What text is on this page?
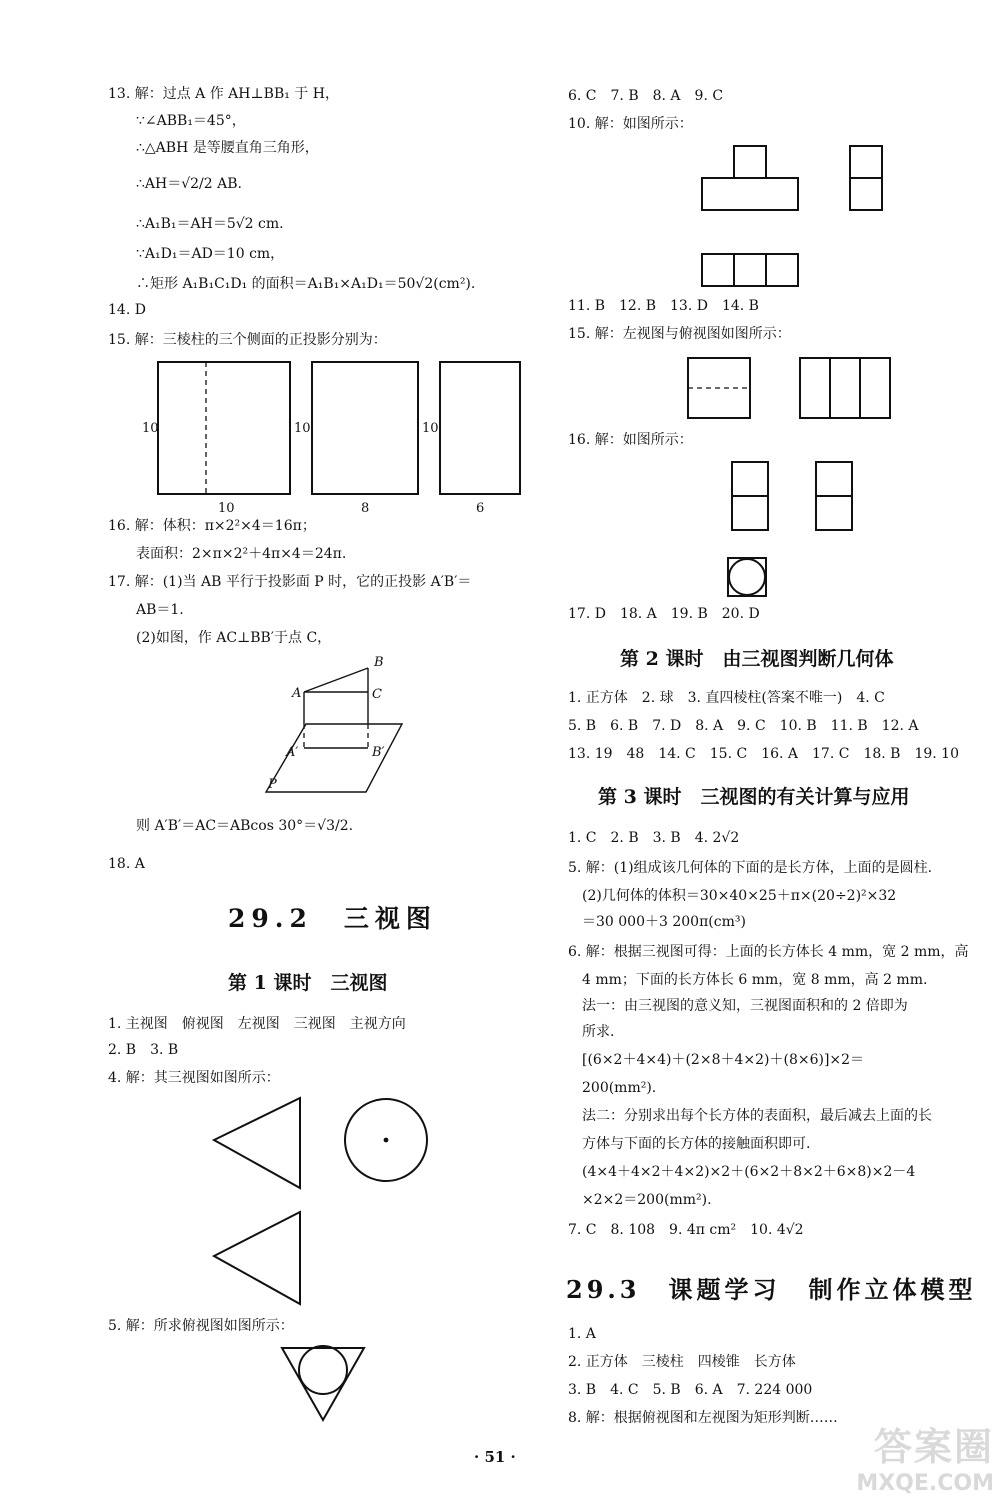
13. 解：过点 A 作 AH⊥BB₁ 于 H，
∵∠ABB₁＝45°，
∴△ABH 是等腰直角三角形，
∴AH＝√2/2 AB.
∴A₁B₁＝AH＝5√2 cm.
∵A₁D₁＝AD＝10 cm，
∴矩形 A₁B₁C₁D₁ 的面积＝A₁B₁×A₁D₁＝50√2(cm²).
14. D
15. 解：三棱柱的三个侧面的正投影分别为：
16. 解：体积：π×2²×4＝16π；
表面积：2×π×2²＋4π×4＝24π.
17. 解：(1)当 AB 平行于投影面 P 时，它的正投影 A′B′＝
AB＝1.
(2)如图，作 AC⊥BB′于点 C，
则 A′B′＝AC＝ABcos 30°＝√3/2.
18. A
29.2　三视图
第 1 课时　三视图
1. 主视图　俯视图　左视图　三视图　主视方向
2. B　3. B
4. 解：其三视图如图所示：
5. 解：所求俯视图如图所示：
6. C　7. B　8. A　9. C
10. 解：如图所示：
11. B　12. B　13. D　14. B
15. 解：左视图与俯视图如图所示：
16. 解：如图所示：
17. D　18. A　19. B　20. D
第 2 课时　由三视图判断几何体
1. 正方体　2. 球　3. 直四棱柱(答案不唯一)　4. C
5. B　6. B　7. D　8. A　9. C　10. B　11. B　12. A
13. 19　48　14. C　15. C　16. A　17. C　18. B　19. 10
第 3 课时　三视图的有关计算与应用
1. C　2. B　3. B　4. 2√2
5. 解：(1)组成该几何体的下面的是长方体，上面的是圆柱.
(2)几何体的体积＝30×40×25＋π×(20÷2)²×32
＝30 000＋3 200π(cm³)
6. 解：根据三视图可得：上面的长方体长 4 mm，宽 2 mm，高
4 mm；下面的长方体长 6 mm，宽 8 mm，高 2 mm.
法一：由三视图的意义知，三视图面积和的 2 倍即为
所求.
[(6×2＋4×4)＋(2×8＋4×2)＋(8×6)]×2＝
200(mm²).
法二：分别求出每个长方体的表面积，最后减去上面的长
方体与下面的长方体的接触面积即可.
(4×4＋4×2＋4×2)×2＋(6×2＋8×2＋6×8)×2－4
×2×2＝200(mm²).
7. C　8. 108　9. 4π cm²　10. 4√2
29.3　课题学习　制作立体模型
1. A
2. 正方体　三棱柱　四棱锥　长方体
3. B　4. C　5. B　6. A　7. 224 000
8. 解：根据俯视图和左视图为矩形判断……
· 51 ·
10
10
10
8
10
6
A
B
C
A′	B′
P
答案圈
MXQE.COM
